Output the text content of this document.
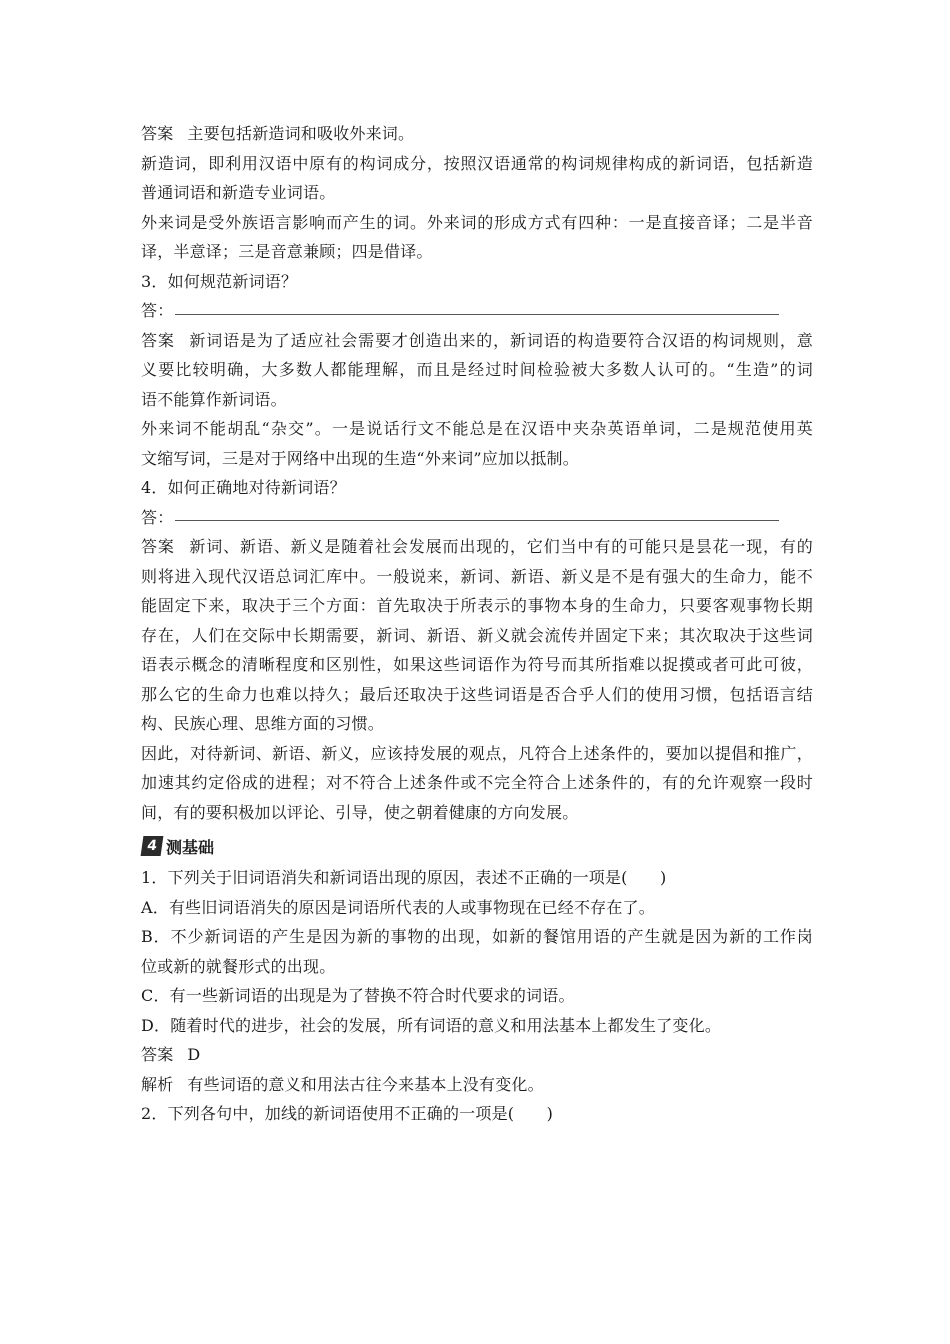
答案 主要包括新造词和吸收外来词。
新造词，即利用汉语中原有的构词成分，按照汉语通常的构词规律构成的新词语，包括新造
普通词语和新造专业词语。
外来词是受外族语言影响而产生的词。外来词的形成方式有四种：一是直接音译；二是半音
译，半意译；三是音意兼顾；四是借译。
3．如何规范新词语？
答：
答案 新词语是为了适应社会需要才创造出来的，新词语的构造要符合汉语的构词规则，意
义要比较明确，大多数人都能理解，而且是经过时间检验被大多数人认可的。“生造”的词
语不能算作新词语。
外来词不能胡乱“杂交”。一是说话行文不能总是在汉语中夹杂英语单词，二是规范使用英
文缩写词，三是对于网络中出现的生造“外来词”应加以抵制。
4．如何正确地对待新词语？
答：
答案 新词、新语、新义是随着社会发展而出现的，它们当中有的可能只是昙花一现，有的
则将进入现代汉语总词汇库中。一般说来，新词、新语、新义是不是有强大的生命力，能不
能固定下来，取决于三个方面：首先取决于所表示的事物本身的生命力，只要客观事物长期
存在，人们在交际中长期需要，新词、新语、新义就会流传并固定下来；其次取决于这些词
语表示概念的清晰程度和区别性，如果这些词语作为符号而其所指难以捉摸或者可此可彼，
那么它的生命力也难以持久；最后还取决于这些词语是否合乎人们的使用习惯，包括语言结
构、民族心理、思维方面的习惯。
因此，对待新词、新语、新义，应该持发展的观点，凡符合上述条件的，要加以提倡和推广，
加速其约定俗成的进程；对不符合上述条件或不完全符合上述条件的，有的允许观察一段时
间，有的要积极加以评论、引导，使之朝着健康的方向发展。
4 测基础
1．下列关于旧词语消失和新词语出现的原因，表述不正确的一项是(　　)
A．有些旧词语消失的原因是词语所代表的人或事物现在已经不存在了。
B．不少新词语的产生是因为新的事物的出现，如新的餐馆用语的产生就是因为新的工作岗
位或新的就餐形式的出现。
C．有一些新词语的出现是为了替换不符合时代要求的词语。
D．随着时代的进步，社会的发展，所有词语的意义和用法基本上都发生了变化。
答案 D
解析 有些词语的意义和用法古往今来基本上没有变化。
2．下列各句中，加线的新词语使用不正确的一项是(　　)
